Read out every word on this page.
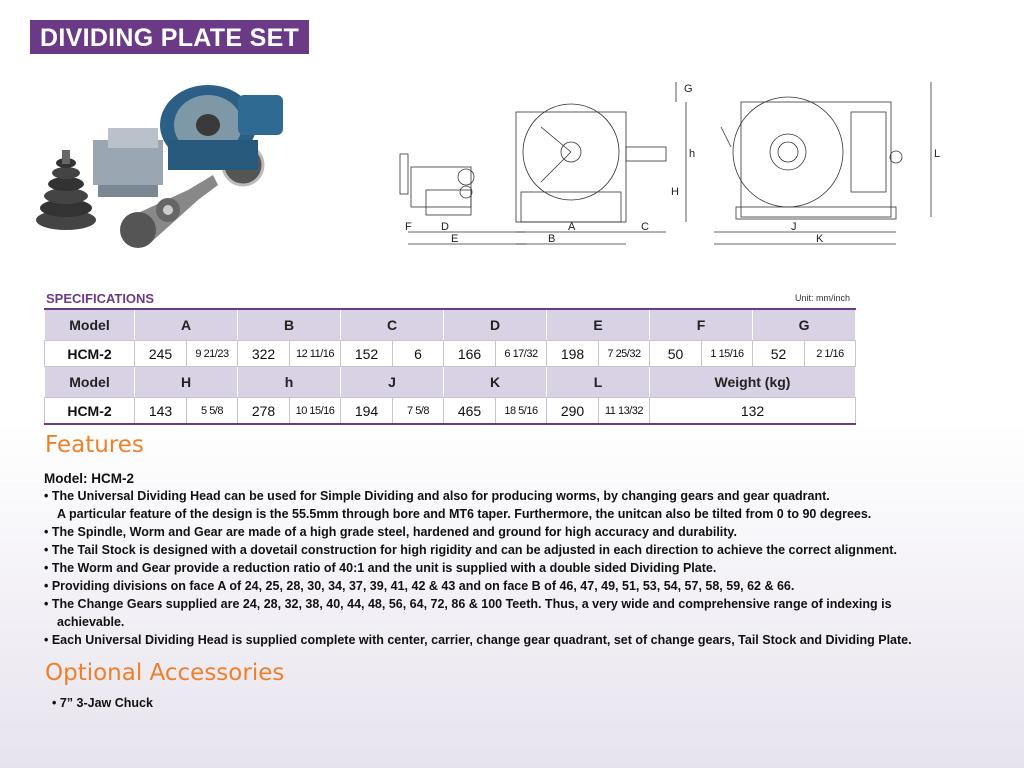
DIVIDING PLATE SET
G
h
H
L
F	D
E
A
B
C	J
K
SPECIFICATIONS	Unit: mm/inch
Model	A		B		C		D		E		F		G	
HCM-2	245	9 21/23	322	12 11/16	152	6	166	6 17/32	198	7 25/32	50	1 15/16	52	2 1/16
Model	H		h		J		K		L		Weight (kg)			
HCM-2	143	5 5/8	278	10 15/16	194	7 5/8	465	18 5/16	290	11 13/32	132			
Features
Model: HCM-2

• The Universal Dividing Head can be used for Simple Dividing and also for producing worms, by changing gears and gear quadrant.

A particular feature of the design is the 55.5mm through bore and MT6 taper. Furthermore, the unitcan also be tilted from 0 to 90 degrees.

• The Spindle, Worm and Gear are made of a high grade steel, hardened and ground for high accuracy and durability.

• The Tail Stock is designed with a dovetail construction for high rigidity and can be adjusted in each direction to achieve the correct alignment.

• The Worm and Gear provide a reduction ratio of 40:1 and the unit is supplied with a double sided Dividing Plate.

• Providing divisions on face A of 24, 25, 28, 30, 34, 37, 39, 41, 42 & 43 and on face B of 46, 47, 49, 51, 53, 54, 57, 58, 59, 62 & 66.

• The Change Gears supplied are 24, 28, 32, 38, 40, 44, 48, 56, 64, 72, 86 & 100 Teeth. Thus, a very wide and comprehensive range of indexing is

achievable.

• Each Universal Dividing Head is supplied complete with center, carrier, change gear quadrant, set of change gears, Tail Stock and Dividing Plate.

Optional Accessories
• 7” 3-Jaw Chuck
